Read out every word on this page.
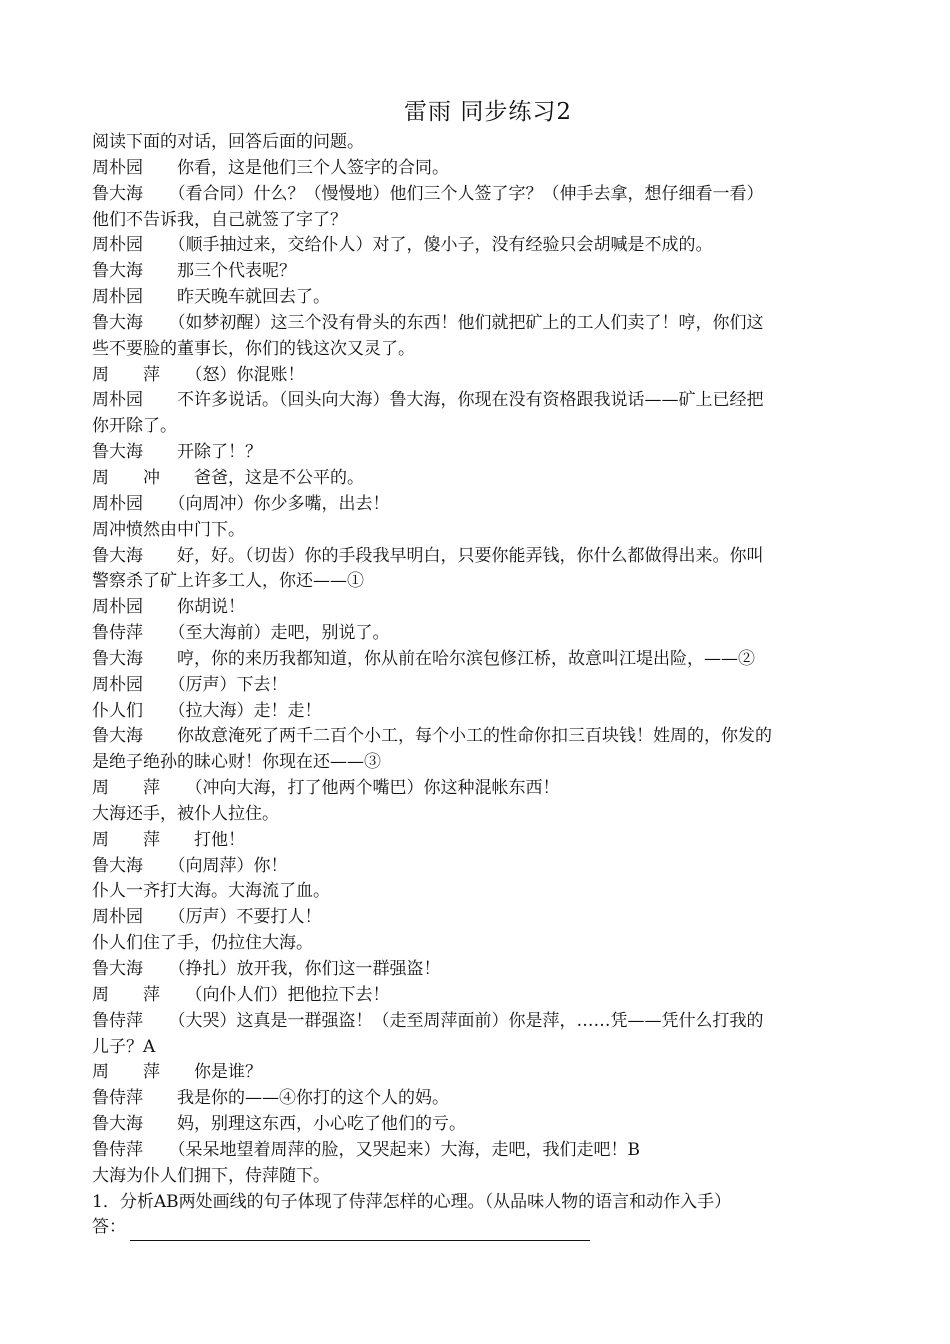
雷雨 同步练习2

阅读下面的对话，回答后面的问题。

周朴园　　你看，这是他们三个人签字的合同。

鲁大海　　（看合同）什么？（慢慢地）他们三个人签了字？（伸手去拿，想仔细看一看）

他们不告诉我，自己就签了字了？

周朴园　　（顺手抽过来，交给仆人）对了，傻小子，没有经验只会胡喊是不成的。

鲁大海　　那三个代表呢？

周朴园　　昨天晚车就回去了。

鲁大海　　（如梦初醒）这三个没有骨头的东西！他们就把矿上的工人们卖了！哼，你们这

些不要脸的董事长，你们的钱这次又灵了。

周　　萍　　（怒）你混账！

周朴园　　不许多说话。（回头向大海）鲁大海，你现在没有资格跟我说话——矿上已经把

你开除了。

鲁大海　　开除了！？

周　　冲　　爸爸，这是不公平的。

周朴园　　（向周冲）你少多嘴，出去！

周冲愤然由中门下。

鲁大海　　好，好。（切齿）你的手段我早明白，只要你能弄钱，你什么都做得出来。你叫

警察杀了矿上许多工人，你还——①

周朴园　　你胡说！

鲁侍萍　　（至大海前）走吧，别说了。

鲁大海　　哼，你的来历我都知道，你从前在哈尔滨包修江桥，故意叫江堤出险，——②

周朴园　　（厉声）下去！

仆人们　　（拉大海）走！走！

鲁大海　　你故意淹死了两千二百个小工，每个小工的性命你扣三百块钱！姓周的，你发的

是绝子绝孙的昧心财！你现在还——③

周　　萍　　（冲向大海，打了他两个嘴巴）你这种混帐东西！

大海还手，被仆人拉住。

周　　萍　　打他！

鲁大海　　（向周萍）你！

仆人一齐打大海。大海流了血。

周朴园　　（厉声）不要打人！

仆人们住了手，仍拉住大海。

鲁大海　　（挣扎）放开我，你们这一群强盗！

周　　萍　　（向仆人们）把他拉下去！

鲁侍萍　　（大哭）这真是一群强盗！（走至周萍面前）你是萍，……凭——凭什么打我的

儿子？A

周　　萍　　你是谁？

鲁侍萍　　我是你的——④你打的这个人的妈。

鲁大海　　妈，别理这东西，小心吃了他们的亏。

鲁侍萍　　（呆呆地望着周萍的脸，又哭起来）大海，走吧，我们走吧！B

大海为仆人们拥下，侍萍随下。

1．分析AB两处画线的句子体现了侍萍怎样的心理。（从品味人物的语言和动作入手）

答：
